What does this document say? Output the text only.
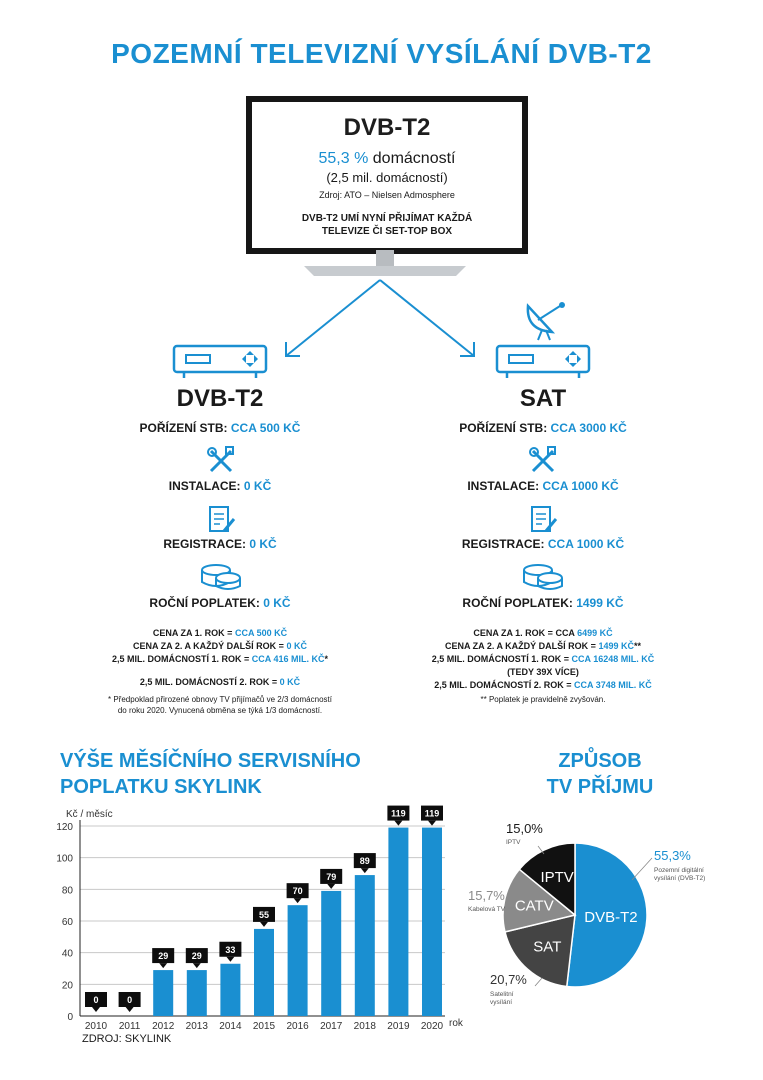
POZEMNÍ TELEVIZNÍ VYSÍLÁNÍ DVB-T2
DVB-T2
55,3 % domácností
(2,5 mil. domácností)
Zdroj: ATO – Nielsen Admosphere
DVB-T2 UMÍ NYNÍ PŘIJÍMAT KAŽDÁ
TELEVIZE ČI SET-TOP BOX
DVB-T2
POŘÍZENÍ STB: CCA 500 KČ
INSTALACE: 0 KČ
REGISTRACE: 0 KČ
ROČNÍ POPLATEK: 0 KČ
CENA ZA 1. ROK = CCA 500 KČ
CENA ZA 2. A KAŽDÝ DALŠÍ ROK = 0 KČ
2,5 MIL. DOMÁCNOSTÍ 1. ROK = CCA 416 MIL. KČ*
2,5 MIL. DOMÁCNOSTÍ 2. ROK = 0 KČ
* Předpoklad přirozené obnovy TV přijímačů ve 2/3 domácností
do roku 2020. Vynucená obměna se týká 1/3 domácností.
SAT
POŘÍZENÍ STB: CCA 3000 KČ
INSTALACE: CCA 1000 KČ
REGISTRACE: CCA 1000 KČ
ROČNÍ POPLATEK: 1499 KČ
CENA ZA 1. ROK = CCA 6499 KČ
CENA ZA 2. A KAŽDÝ DALŠÍ ROK = 1499 KČ**
2,5 MIL. DOMÁCNOSTÍ 1. ROK = CCA 16248 MIL. KČ
(TEDY 39X VÍCE)
2,5 MIL. DOMÁCNOSTÍ 2. ROK = CCA 3748 MIL. KČ
** Poplatek je pravidelně zvyšován.
VÝŠE MĚSÍČNÍHO SERVISNÍHO
POPLATKU SKYLINK
ZPŮSOB
TV PŘÍJMU
Kč / měsíc
0
20
40
60
80
100
120
0
2010
0
2011
29
2012
29
2013
33
2014
55
2015
70
2016
79
2017
89
2018
119
2019
119
2020 rok
ZDROJ: SKYLINK
DVB-T2
SAT
CATV
IPTV
55,3%
Pozemní digitální
vysílání (DVB-T2)
20,7%
Satelitní
vysílání
15,7%
Kabelová TV
15,0%
IPTV
